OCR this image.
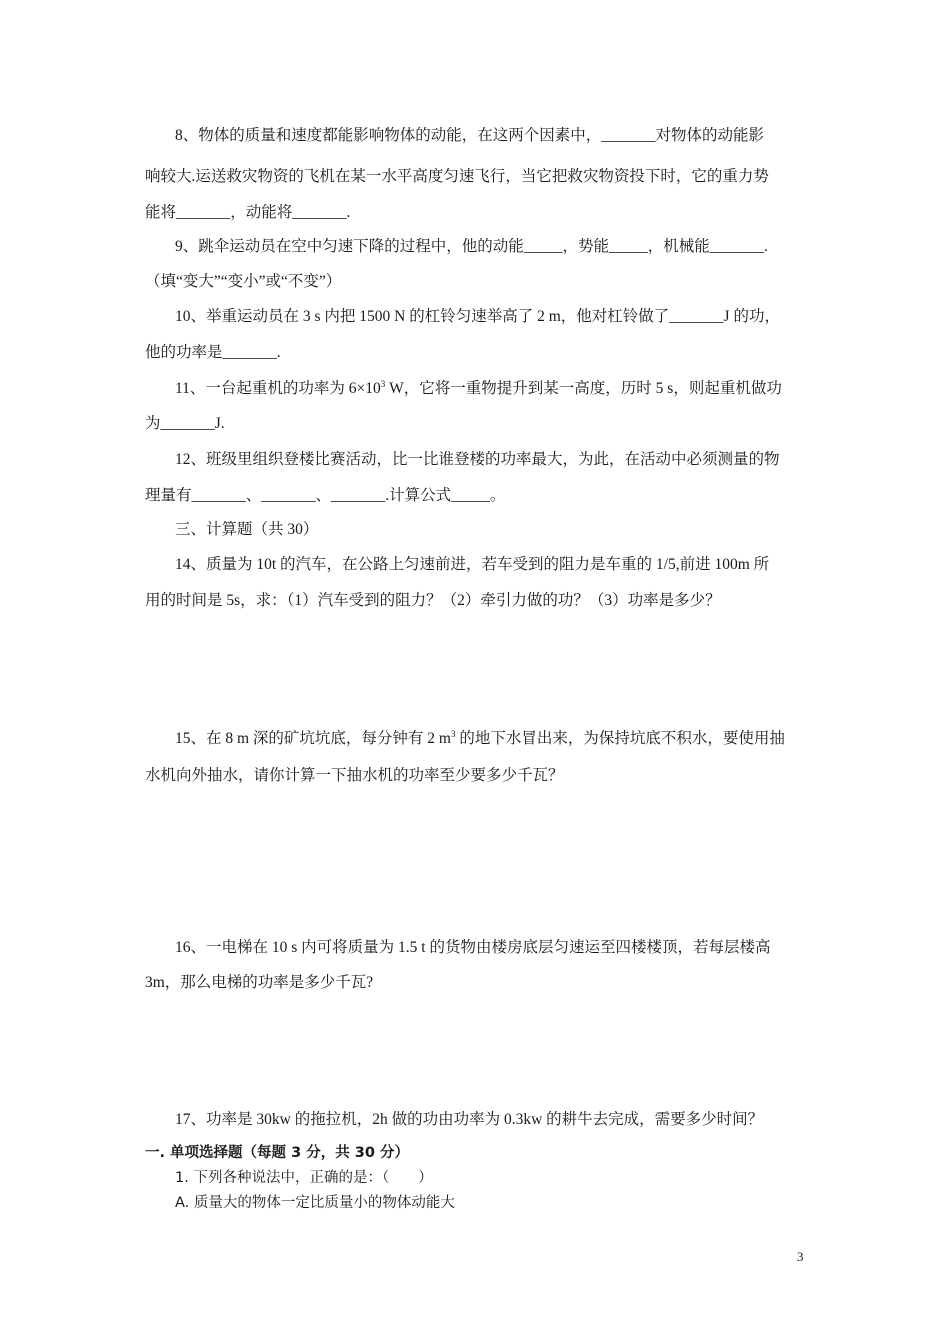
8、物体的质量和速度都能影响物体的动能，在这两个因素中，_______对物体的动能影
响较大.运送救灾物资的飞机在某一水平高度匀速飞行，当它把救灾物资投下时，它的重力势
能将_______，动能将_______.
9、跳伞运动员在空中匀速下降的过程中，他的动能_____，势能_____，机械能_______.
（填“变大”“变小”或“不变”）
10、举重运动员在 3 s 内把 1500 N 的杠铃匀速举高了 2 m，他对杠铃做了_______J 的功，
他的功率是_______.
11、一台起重机的功率为 $6\times 10^3$ W，它将一重物提升到某一高度，历时 5 s，则起重机做功
为_______J.
12、班级里组织登楼比赛活动，比一比谁登楼的功率最大，为此，在活动中必须测量的物
理量有_______、_______、_______.计算公式_____。
三、计算题（共 30）
14、质量为 10t 的汽车，在公路上匀速前进，若车受到的阻力是车重的 1/5,前进 100m 所
用的时间是 5s，求：（1）汽车受到的阻力？（2）牵引力做的功？（3）功率是多少？
15、在 8 m 深的矿坑坑底，每分钟有 2 $m^3$ 的地下水冒出来，为保持坑底不积水，要使用抽
水机向外抽水，请你计算一下抽水机的功率至少要多少千瓦？
16、一电梯在 10 s 内可将质量为 1.5 t 的货物由楼房底层匀速运至四楼楼顶，若每层楼高
3m，那么电梯的功率是多少千瓦?
17、功率是 30kw 的拖拉机，2h 做的功由功率为 0.3kw 的耕牛去完成，需要多少时间？
一. 单项选择题（每题 3 分，共 30 分）
1. 下列各种说法中，正确的是：（　　）
A. 质量大的物体一定比质量小的物体动能大
3
